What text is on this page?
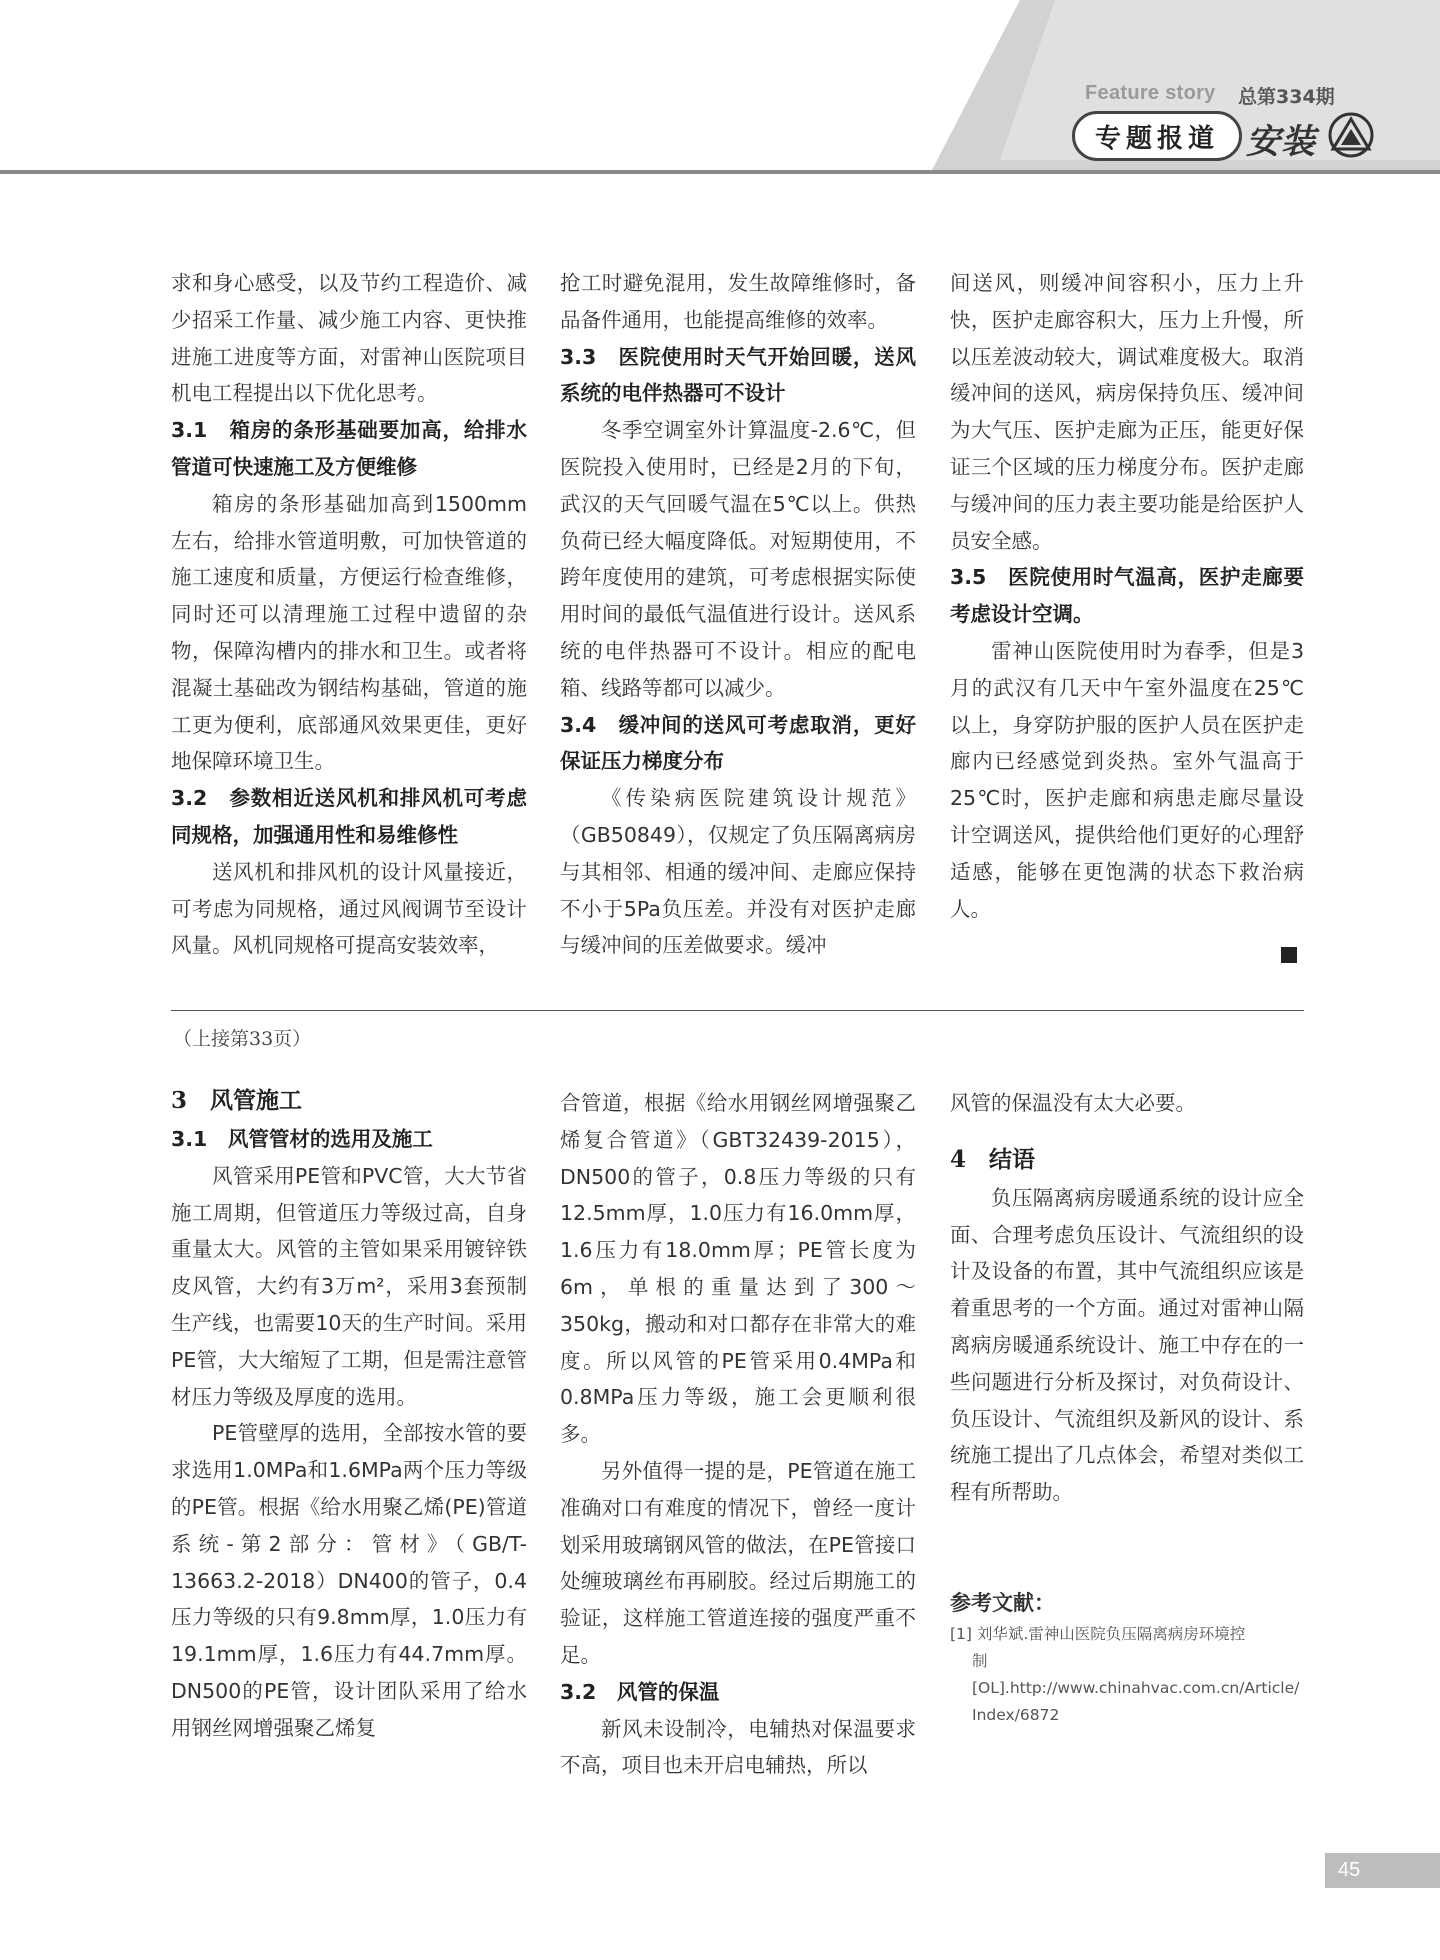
Feature story 总第334期
专题报道 安装

求和身心感受，以及节约工程造价、减少招采工作量、减少施工内容、更快推进施工进度等方面，对雷神山医院项目机电工程提出以下优化思考。

3.1　箱房的条形基础要加高，给排水管道可快速施工及方便维修

箱房的条形基础加高到1500mm左右，给排水管道明敷，可加快管道的施工速度和质量，方便运行检查维修，同时还可以清理施工过程中遗留的杂物，保障沟槽内的排水和卫生。或者将混凝土基础改为钢结构基础，管道的施工更为便利，底部通风效果更佳，更好地保障环境卫生。

3.2　参数相近送风机和排风机可考虑同规格，加强通用性和易维修性

送风机和排风机的设计风量接近，可考虑为同规格，通过风阀调节至设计风量。风机同规格可提高安装效率，

抢工时避免混用，发生故障维修时，备品备件通用，也能提高维修的效率。

3.3　医院使用时天气开始回暖，送风系统的电伴热器可不设计

冬季空调室外计算温度-2.6℃，但医院投入使用时，已经是2月的下旬，武汉的天气回暖气温在5℃以上。供热负荷已经大幅度降低。对短期使用，不跨年度使用的建筑，可考虑根据实际使用时间的最低气温值进行设计。送风系统的电伴热器可不设计。相应的配电箱、线路等都可以减少。

3.4　缓冲间的送风可考虑取消，更好保证压力梯度分布

《传染病医院建筑设计规范》（GB50849），仅规定了负压隔离病房与其相邻、相通的缓冲间、走廊应保持不小于5Pa负压差。并没有对医护走廊与缓冲间的压差做要求。缓冲

间送风，则缓冲间容积小，压力上升快，医护走廊容积大，压力上升慢，所以压差波动较大，调试难度极大。取消缓冲间的送风，病房保持负压、缓冲间为大气压、医护走廊为正压，能更好保证三个区域的压力梯度分布。医护走廊与缓冲间的压力表主要功能是给医护人员安全感。

3.5　医院使用时气温高，医护走廊要考虑设计空调。

雷神山医院使用时为春季，但是3月的武汉有几天中午室外温度在25℃以上，身穿防护服的医护人员在医护走廊内已经感觉到炎热。室外气温高于25℃时，医护走廊和病患走廊尽量设计空调送风，提供给他们更好的心理舒适感，能够在更饱满的状态下救治病人。

（上接第33页）
3　风管施工
3.1　风管管材的选用及施工

风管采用PE管和PVC管，大大节省施工周期，但管道压力等级过高，自身重量太大。风管的主管如果采用镀锌铁皮风管，大约有3万m²，采用3套预制生产线，也需要10天的生产时间。采用PE管，大大缩短了工期，但是需注意管材压力等级及厚度的选用。

PE管壁厚的选用，全部按水管的要求选用1.0MPa和1.6MPa两个压力等级的PE管。根据《给水用聚乙烯(PE)管道系统-第2部分：管材》（GB/T-13663.2-2018）DN400的管子，0.4压力等级的只有9.8mm厚，1.0压力有19.1mm厚，1.6压力有44.7mm厚。DN500的PE管，设计团队采用了给水用钢丝网增强聚乙烯复

合管道，根据《给水用钢丝网增强聚乙烯复合管道》（GBT32439-2015），DN500的管子，0.8压力等级的只有12.5mm厚，1.0压力有16.0mm厚，1.6压力有18.0mm厚；PE管长度为6m，单根的重量达到了300～350kg，搬动和对口都存在非常大的难度。所以风管的PE管采用0.4MPa和0.8MPa压力等级，施工会更顺利很多。

另外值得一提的是，PE管道在施工准确对口有难度的情况下，曾经一度计划采用玻璃钢风管的做法，在PE管接口处缠玻璃丝布再刷胶。经过后期施工的验证，这样施工管道连接的强度严重不足。

3.2　风管的保温

新风未设制冷，电辅热对保温要求不高，项目也未开启电辅热，所以

风管的保温没有太大必要。

4　结语

负压隔离病房暖通系统的设计应全面、合理考虑负压设计、气流组织的设计及设备的布置，其中气流组织应该是着重思考的一个方面。通过对雷神山隔离病房暖通系统设计、施工中存在的一些问题进行分析及探讨，对负荷设计、负压设计、气流组织及新风的设计、系统施工提出了几点体会，希望对类似工程有所帮助。

参考文献：
[1] 刘华斌.雷神山医院负压隔离病房环境控
制[OL].http://www.chinahvac.com.cn/Article/
Index/6872
45
